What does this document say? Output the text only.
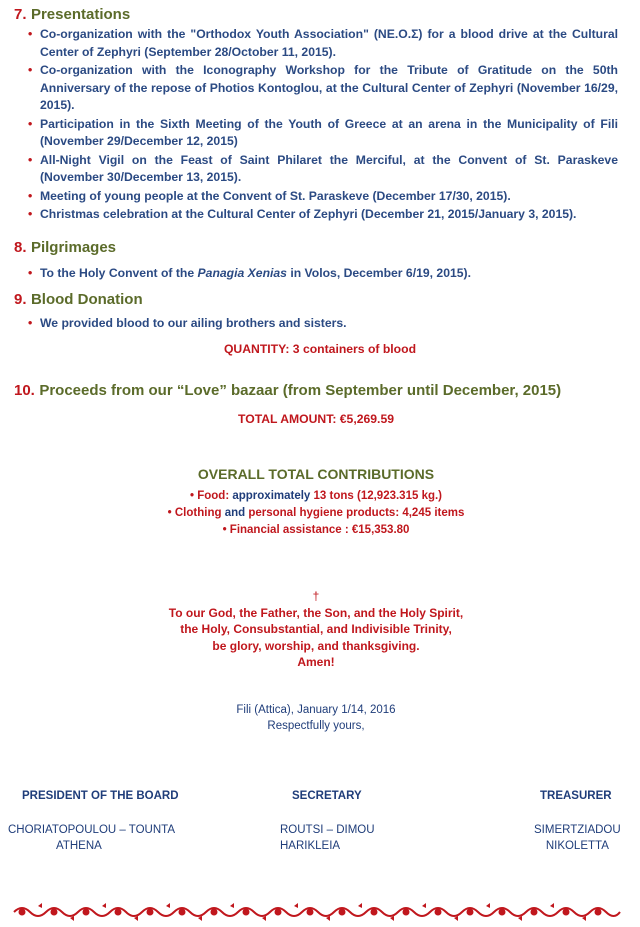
7. Presentations
• Co-organization with the "Orthodox Youth Association" (ΝΕ.Ο.Σ) for a blood drive at the Cultural Center of Zephyri (September 28/October 11, 2015).
• Co-organization with the Iconography Workshop for the Tribute of Gratitude on the 50th Anniversary of the repose of Photios Kontoglou, at the Cultural Center of Zephyri (November 16/29, 2015).
• Participation in the Sixth Meeting of the Youth of Greece at an arena in the Municipality of Fili (November 29/December 12, 2015)
• All-Night Vigil on the Feast of Saint Philaret the Merciful, at the Convent of St. Paraskeve (November 30/December 13, 2015).
• Meeting of young people at the Convent of St. Paraskeve (December 17/30, 2015).
• Christmas celebration at the Cultural Center of Zephyri (December 21, 2015/January 3, 2015).
8. Pilgrimages
• To the Holy Convent of the Panagia Xenias in Volos, December 6/19, 2015).
9. Blood Donation
• We provided blood to our ailing brothers and sisters.
QUANTITY: 3 containers of blood
10. Proceeds from our “Love” bazaar (from September until December, 2015)
TOTAL AMOUNT: €5,269.59
OVERALL TOTAL CONTRIBUTIONS
• Food: approximately 13 tons (12,923.315 kg.)
• Clothing and personal hygiene products: 4,245 items
• Financial assistance : €15,353.80
†
To our God, the Father, the Son, and the Holy Spirit,
the Holy, Consubstantial, and Indivisible Trinity,
be glory, worship, and thanksgiving.
Amen!
Fili (Attica), January 1/14, 2016
Respectfully yours,
PRESIDENT OF THE BOARD	SECRETARY	TREASURER
CHORIATOPOULOU – TOUNTA
ATHENA
ROUTSI – DIMOU
HARIKLEIA
SIMERTZIADOU
NIKOLETTA
